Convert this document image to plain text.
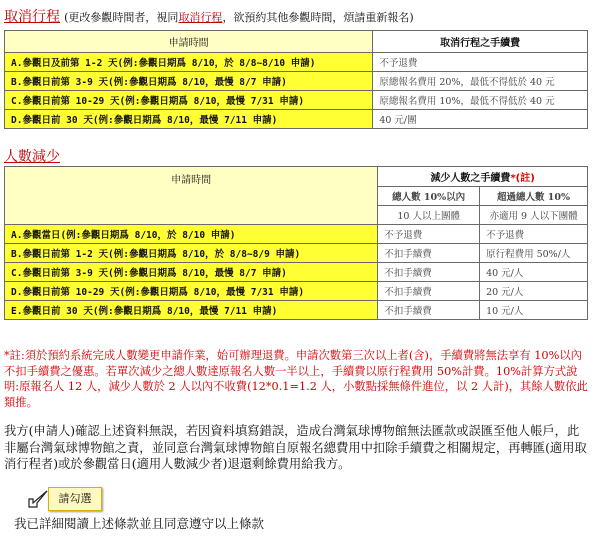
取消行程 (更改參觀時間者，視同取消行程，欲預約其他參觀時間，煩請重新報名)
申請時間	取消行程之手續費
A.參觀日及前第 1-2 天(例:參觀日期爲 8/10，於 8/8~8/10 申請)	不予退費
B.參觀日前第 3-9 天(例:參觀日期爲 8/10，最慢 8/7 申請)	原總報名費用 20%，最低不得低於 40 元
C.參觀日前第 10-29 天(例:參觀日期爲 8/10，最慢 7/31 申請)	原總報名費用 10%，最低不得低於 40 元
D.參觀日前 30 天(例:參觀日期爲 8/10，最慢 7/11 申請)	40 元/團
人數減少
申請時間	減少人數之手續費*(註)	
	總人數 10%以內	超過總人數 10%
	10 人以上團體	亦適用 9 人以下團體
A.參觀當日(例:參觀日期爲 8/10，於 8/10 申請)	不予退費	不予退費
B.參觀日前第 1-2 天(例:參觀日期爲 8/10，於 8/8~8/9 申請)	不扣手續費	原行程費用 50%/人
C.參觀日前第 3-9 天(例:參觀日期爲 8/10，最慢 8/7 申請)	不扣手續費	40 元/人
D.參觀日前第 10-29 天(例:參觀日期爲 8/10，最慢 7/31 申請)	不扣手續費	20 元/人
E.參觀日前 30 天(例:參觀日期爲 8/10，最慢 7/11 申請)	不扣手續費	10 元/人
*註:須於預約系統完成人數變更申請作業，始可辦理退費。申請次數第三次以上者(含)，手續費將無法享有 10%以內不扣手續費之優惠。若單次減少之總人數達原報名人數一半以上，手續費以原行程費用 50%計費。10%計算方式說明:原報名人 12 人，減少人數於 2 人以內不收費(12*0.1=1.2 人，小數點採無條件進位，以 2 人計)，其餘人數依此類推。
我方(申請人)確認上述資料無誤，若因資料填寫錯誤，造成台灣氣球博物館無法匯款或誤匯至他人帳戶，此非屬台灣氣球博物館之責，並同意台灣氣球博物館自原報名總費用中扣除手續費之相關規定，再轉匯(適用取消行程者)或於參觀當日(適用人數減少者)退還剩餘費用給我方。
請勾選
我已詳細閱讀上述條款並且同意遵守以上條款
